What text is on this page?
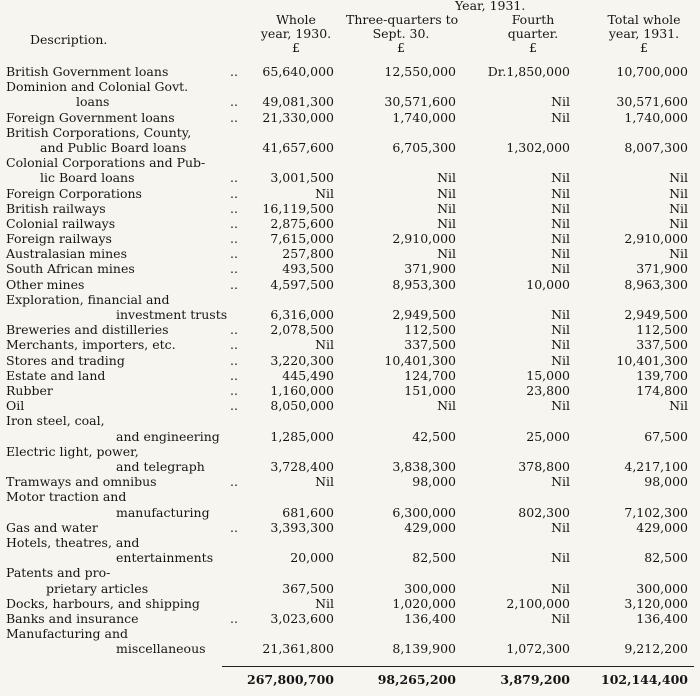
Year, 1931.
Description.
Whole
year, 1930.
£
Three-quarters to
Sept. 30.
£
Fourth
quarter.
£
Total whole
year, 1931.
£
British Government loans	..	65,640,000	12,550,000	Dr.1,850,000	10,700,000
Dominion and Colonial Govt.
loans	..	49,081,300	30,571,600	Nil	30,571,600
Foreign Government loans	..	21,330,000	1,740,000	Nil	1,740,000
British Corporations, County,
and Public Board loans	41,657,600	6,705,300	1,302,000	8,007,300
Colonial Corporations and Pub-
lic Board loans	..	3,001,500	Nil	Nil	Nil
Foreign Corporations	..	Nil	Nil	Nil	Nil
British railways	..	16,119,500	Nil	Nil	Nil
Colonial railways	..	2,875,600	Nil	Nil	Nil
Foreign railways	..	7,615,000	2,910,000	Nil	2,910,000
Australasian mines	..	257,800	Nil	Nil	Nil
South African mines	..	493,500	371,900	Nil	371,900
Other mines	..	4,597,500	8,953,300	10,000	8,963,300
Exploration, financial and
investment trusts	6,316,000	2,949,500	Nil	2,949,500
Breweries and distilleries	..	2,078,500	112,500	Nil	112,500
Merchants, importers, etc.	..	Nil	337,500	Nil	337,500
Stores and trading	..	3,220,300	10,401,300	Nil	10,401,300
Estate and land	..	445,490	124,700	15,000	139,700
Rubber	..	1,160,000	151,000	23,800	174,800
Oil	..	8,050,000	Nil	Nil	Nil
Iron steel, coal,
and engineering	1,285,000	42,500	25,000	67,500
Electric light, power,
and telegraph	3,728,400	3,838,300	378,800	4,217,100
Tramways and omnibus	..	Nil	98,000	Nil	98,000
Motor traction and
manufacturing	681,600	6,300,000	802,300	7,102,300
Gas and water	..	3,393,300	429,000	Nil	429,000
Hotels, theatres, and
entertainments	20,000	82,500	Nil	82,500
Patents and pro-
prietary articles	367,500	300,000	Nil	300,000
Docks, harbours, and shipping	Nil	1,020,000	2,100,000	3,120,000
Banks and insurance	..	3,023,600	136,400	Nil	136,400
Manufacturing and
miscellaneous	21,361,800	8,139,900	1,072,300	9,212,200
267,800,700	98,265,200	3,879,200	102,144,400
